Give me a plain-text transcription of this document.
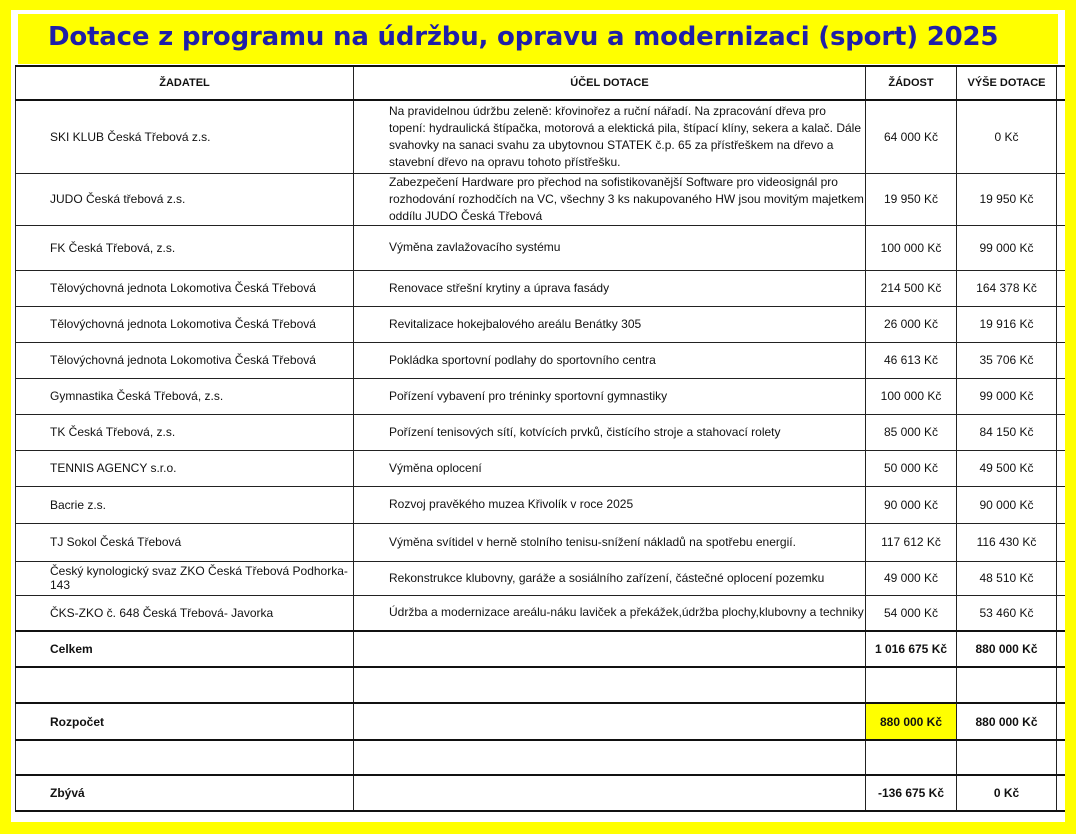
Dotace z programu na údržbu, opravu a modernizaci (sport) 2025
ŽADATEL	ÚČEL DOTACE	ŽÁDOST	VÝŠE DOTACE	
SKI KLUB Česká Třebová z.s.	Na pravidelnou údržbu zeleně: křovinořez a ruční nářadí. Na zpracování dřeva pro topení: hydraulická štípačka, motorová a elektická pila, štípací klíny, sekera a kalač. Dále svahovky na sanaci svahu za ubytovnou STATEK č.p. 65 za přístřeškem na dřevo a stavební dřevo na opravu tohoto přístřešku.	64 000 Kč	0 Kč	
JUDO Česká třebová z.s.	Zabezpečení Hardware pro přechod na sofistikovanější Software pro videosignál pro rozhodování rozhodčích na VC, všechny 3 ks nakupovaného HW jsou movitým majetkem oddílu JUDO Česká Třebová	19 950 Kč	19 950 Kč	
FK Česká Třebová, z.s.	Výměna zavlažovacího systému	100 000 Kč	99 000 Kč	
Tělovýchovná jednota Lokomotiva Česká Třebová	Renovace střešní krytiny a úprava fasády	214 500 Kč	164 378 Kč	
Tělovýchovná jednota Lokomotiva Česká Třebová	Revitalizace hokejbalového areálu Benátky 305	26 000 Kč	19 916 Kč	
Tělovýchovná jednota Lokomotiva Česká Třebová	Pokládka sportovní podlahy do sportovního centra	46 613 Kč	35 706 Kč	
Gymnastika Česká Třebová, z.s.	Pořízení vybavení pro tréninky sportovní gymnastiky	100 000 Kč	99 000 Kč	
TK Česká Třebová, z.s.	Pořízení tenisových sítí, kotvících prvků, čistícího stroje a stahovací rolety	85 000 Kč	84 150 Kč	
TENNIS AGENCY s.r.o.	Výměna oplocení	50 000 Kč	49 500 Kč	
Bacrie z.s.	Rozvoj pravěkého muzea Křivolík v roce 2025	90 000 Kč	90 000 Kč	
TJ Sokol Česká Třebová	Výměna svítidel v herně stolního tenisu-snížení nákladů na spotřebu energií.	117 612 Kč	116 430 Kč	
Český kynologický svaz ZKO Česká Třebová Podhorka-143	Rekonstrukce klubovny, garáže a sosiálního zařízení, částečné oplocení pozemku	49 000 Kč	48 510 Kč	
ČKS-ZKO č. 648 Česká Třebová- Javorka	Údržba a modernizace areálu-náku laviček a překážek,údržba plochy,klubovny a techniky	54 000 Kč	53 460 Kč	
Celkem		1 016 675 Kč	880 000 Kč	

Rozpočet		880 000 Kč	880 000 Kč	

Zbývá		-136 675 Kč	0 Kč	
